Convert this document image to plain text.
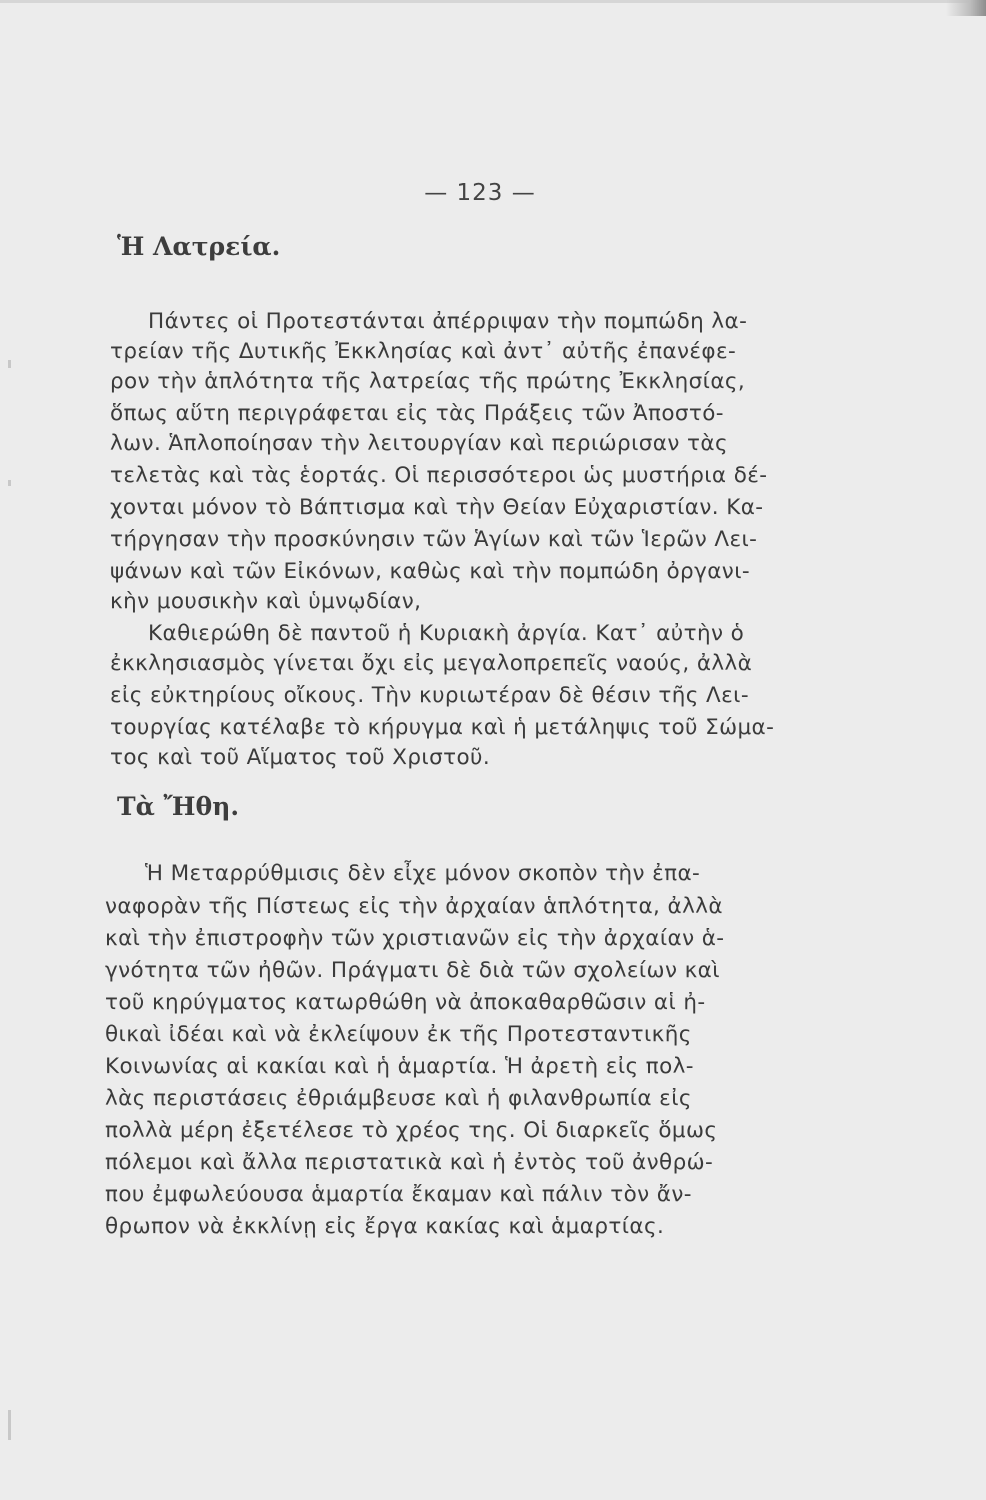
— 123 —
Ἡ Λατρεία.
Πάντες οἱ Προτεστάνται ἀπέρριψαν τὴν πομπώδη λα-
τρείαν τῆς Δυτικῆς Ἐκκλησίας καὶ ἀντ᾽ αὐτῆς ἐπανέφε-
ρον τὴν ἁπλότητα τῆς λατρείας τῆς πρώτης Ἐκκλησίας,
ὅπως αὕτη περιγράφεται εἰς τὰς Πράξεις τῶν Ἀποστό-
λων. Ἁπλοποίησαν τὴν λειτουργίαν καὶ περιώρισαν τὰς
τελετὰς καὶ τὰς ἑορτάς. Οἱ περισσότεροι ὡς μυστήρια δέ-
χονται μόνον τὸ Βάπτισμα καὶ τὴν Θείαν Εὐχαριστίαν. Κα-
τήργησαν τὴν προσκύνησιν τῶν Ἁγίων καὶ τῶν Ἱερῶν Λει-
ψάνων καὶ τῶν Εἰκόνων, καθὼς καὶ τὴν πομπώδη ὀργανι-
κὴν μουσικὴν καὶ ὑμνῳδίαν,
Καθιερώθη δὲ παντοῦ ἡ Κυριακὴ ἀργία. Κατ᾽ αὐτὴν ὁ
ἐκκλησιασμὸς γίνεται ὄχι εἰς μεγαλοπρεπεῖς ναούς, ἀλλὰ
εἰς εὐκτηρίους οἴκους. Τὴν κυριωτέραν δὲ θέσιν τῆς Λει-
τουργίας κατέλαβε τὸ κήρυγμα καὶ ἡ μετάληψις τοῦ Σώμα-
τος καὶ τοῦ Αἵματος τοῦ Χριστοῦ.
Τὰ Ἤθη.
Ἡ Μεταρρύθμισις δὲν εἶχε μόνον σκοπὸν τὴν ἐπα-
ναφορὰν τῆς Πίστεως εἰς τὴν ἀρχαίαν ἁπλότητα, ἀλλὰ
καὶ τὴν ἐπιστροφὴν τῶν χριστιανῶν εἰς τὴν ἀρχαίαν ἁ-
γνότητα τῶν ἠθῶν. Πράγματι δὲ διὰ τῶν σχολείων καὶ
τοῦ κηρύγματος κατωρθώθη νὰ ἀποκαθαρθῶσιν αἱ ἠ-
θικαὶ ἰδέαι καὶ νὰ ἐκλείψουν ἐκ τῆς Προτεσταντικῆς
Κοινωνίας αἱ κακίαι καὶ ἡ ἁμαρτία. Ἡ ἀρετὴ εἰς πολ-
λὰς περιστάσεις ἐθριάμβευσε καὶ ἡ φιλανθρωπία εἰς
πολλὰ μέρη ἐξετέλεσε τὸ χρέος της. Οἱ διαρκεῖς ὅμως
πόλεμοι καὶ ἄλλα περιστατικὰ καὶ ἡ ἐντὸς τοῦ ἀνθρώ-
που ἐμφωλεύουσα ἁμαρτία ἔκαμαν καὶ πάλιν τὸν ἄν-
θρωπον νὰ ἐκκλίνῃ εἰς ἔργα κακίας καὶ ἁμαρτίας.
